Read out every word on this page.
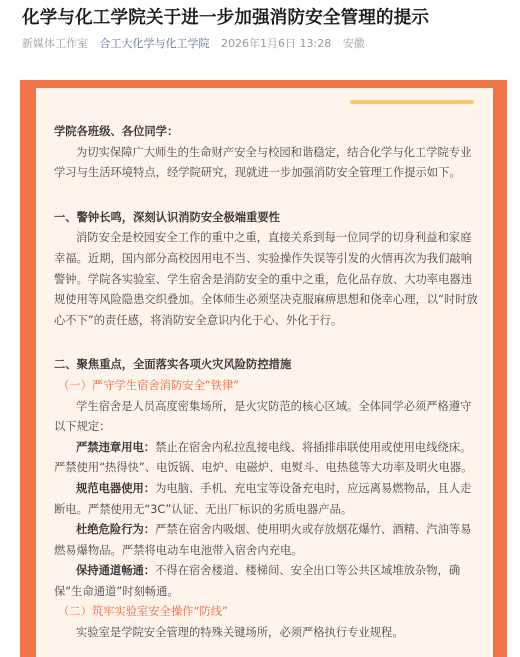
化学与化工学院关于进一步加强消防安全管理的提示
新媒体工作室 合工大化学与化工学院 2026年1月6日 13:28 安徽

学院各班级、各位同学：

为切实保障广大师生的生命财产安全与校园和谐稳定，结合化学与化工学院专业学习与生活环境特点，经学院研究，现就进一步加强消防安全管理工作提示如下。

一、警钟长鸣，深刻认识消防安全极端重要性

消防安全是校园安全工作的重中之重，直接关系到每一位同学的切身利益和家庭幸福。近期，国内部分高校因用电不当、实验操作失误等引发的火情再次为我们敲响警钟。学院各实验室、学生宿舍是消防安全的重中之重，危化品存放、大功率电器违规使用等风险隐患交织叠加。全体师生必须坚决克服麻痹思想和侥幸心理，以“时时放心不下”的责任感，将消防安全意识内化于心、外化于行。

二、聚焦重点，全面落实各项火灾风险防控措施

（一）严守学生宿舍消防安全“铁律”

学生宿舍是人员高度密集场所，是火灾防范的核心区域。全体同学必须严格遵守以下规定：

严禁违章用电：禁止在宿舍内私拉乱接电线、将插排串联使用或使用电线绕床。严禁使用“热得快”、电饭锅、电炉、电磁炉、电熨斗、电热毯等大功率及明火电器。

规范电器使用：为电脑、手机、充电宝等设备充电时，应远离易燃物品，且人走断电。严禁使用无“3C”认证、无出厂标识的劣质电器产品。

杜绝危险行为：严禁在宿舍内吸烟、使用明火或存放烟花爆竹、酒精、汽油等易燃易爆物品。严禁将电动车电池带入宿舍内充电。

保持通道畅通：不得在宿舍楼道、楼梯间、安全出口等公共区域堆放杂物，确保“生命通道”时刻畅通。

（二）筑牢实验室安全操作“防线”

实验室是学院安全管理的特殊关键场所，必须严格执行专业规程。
